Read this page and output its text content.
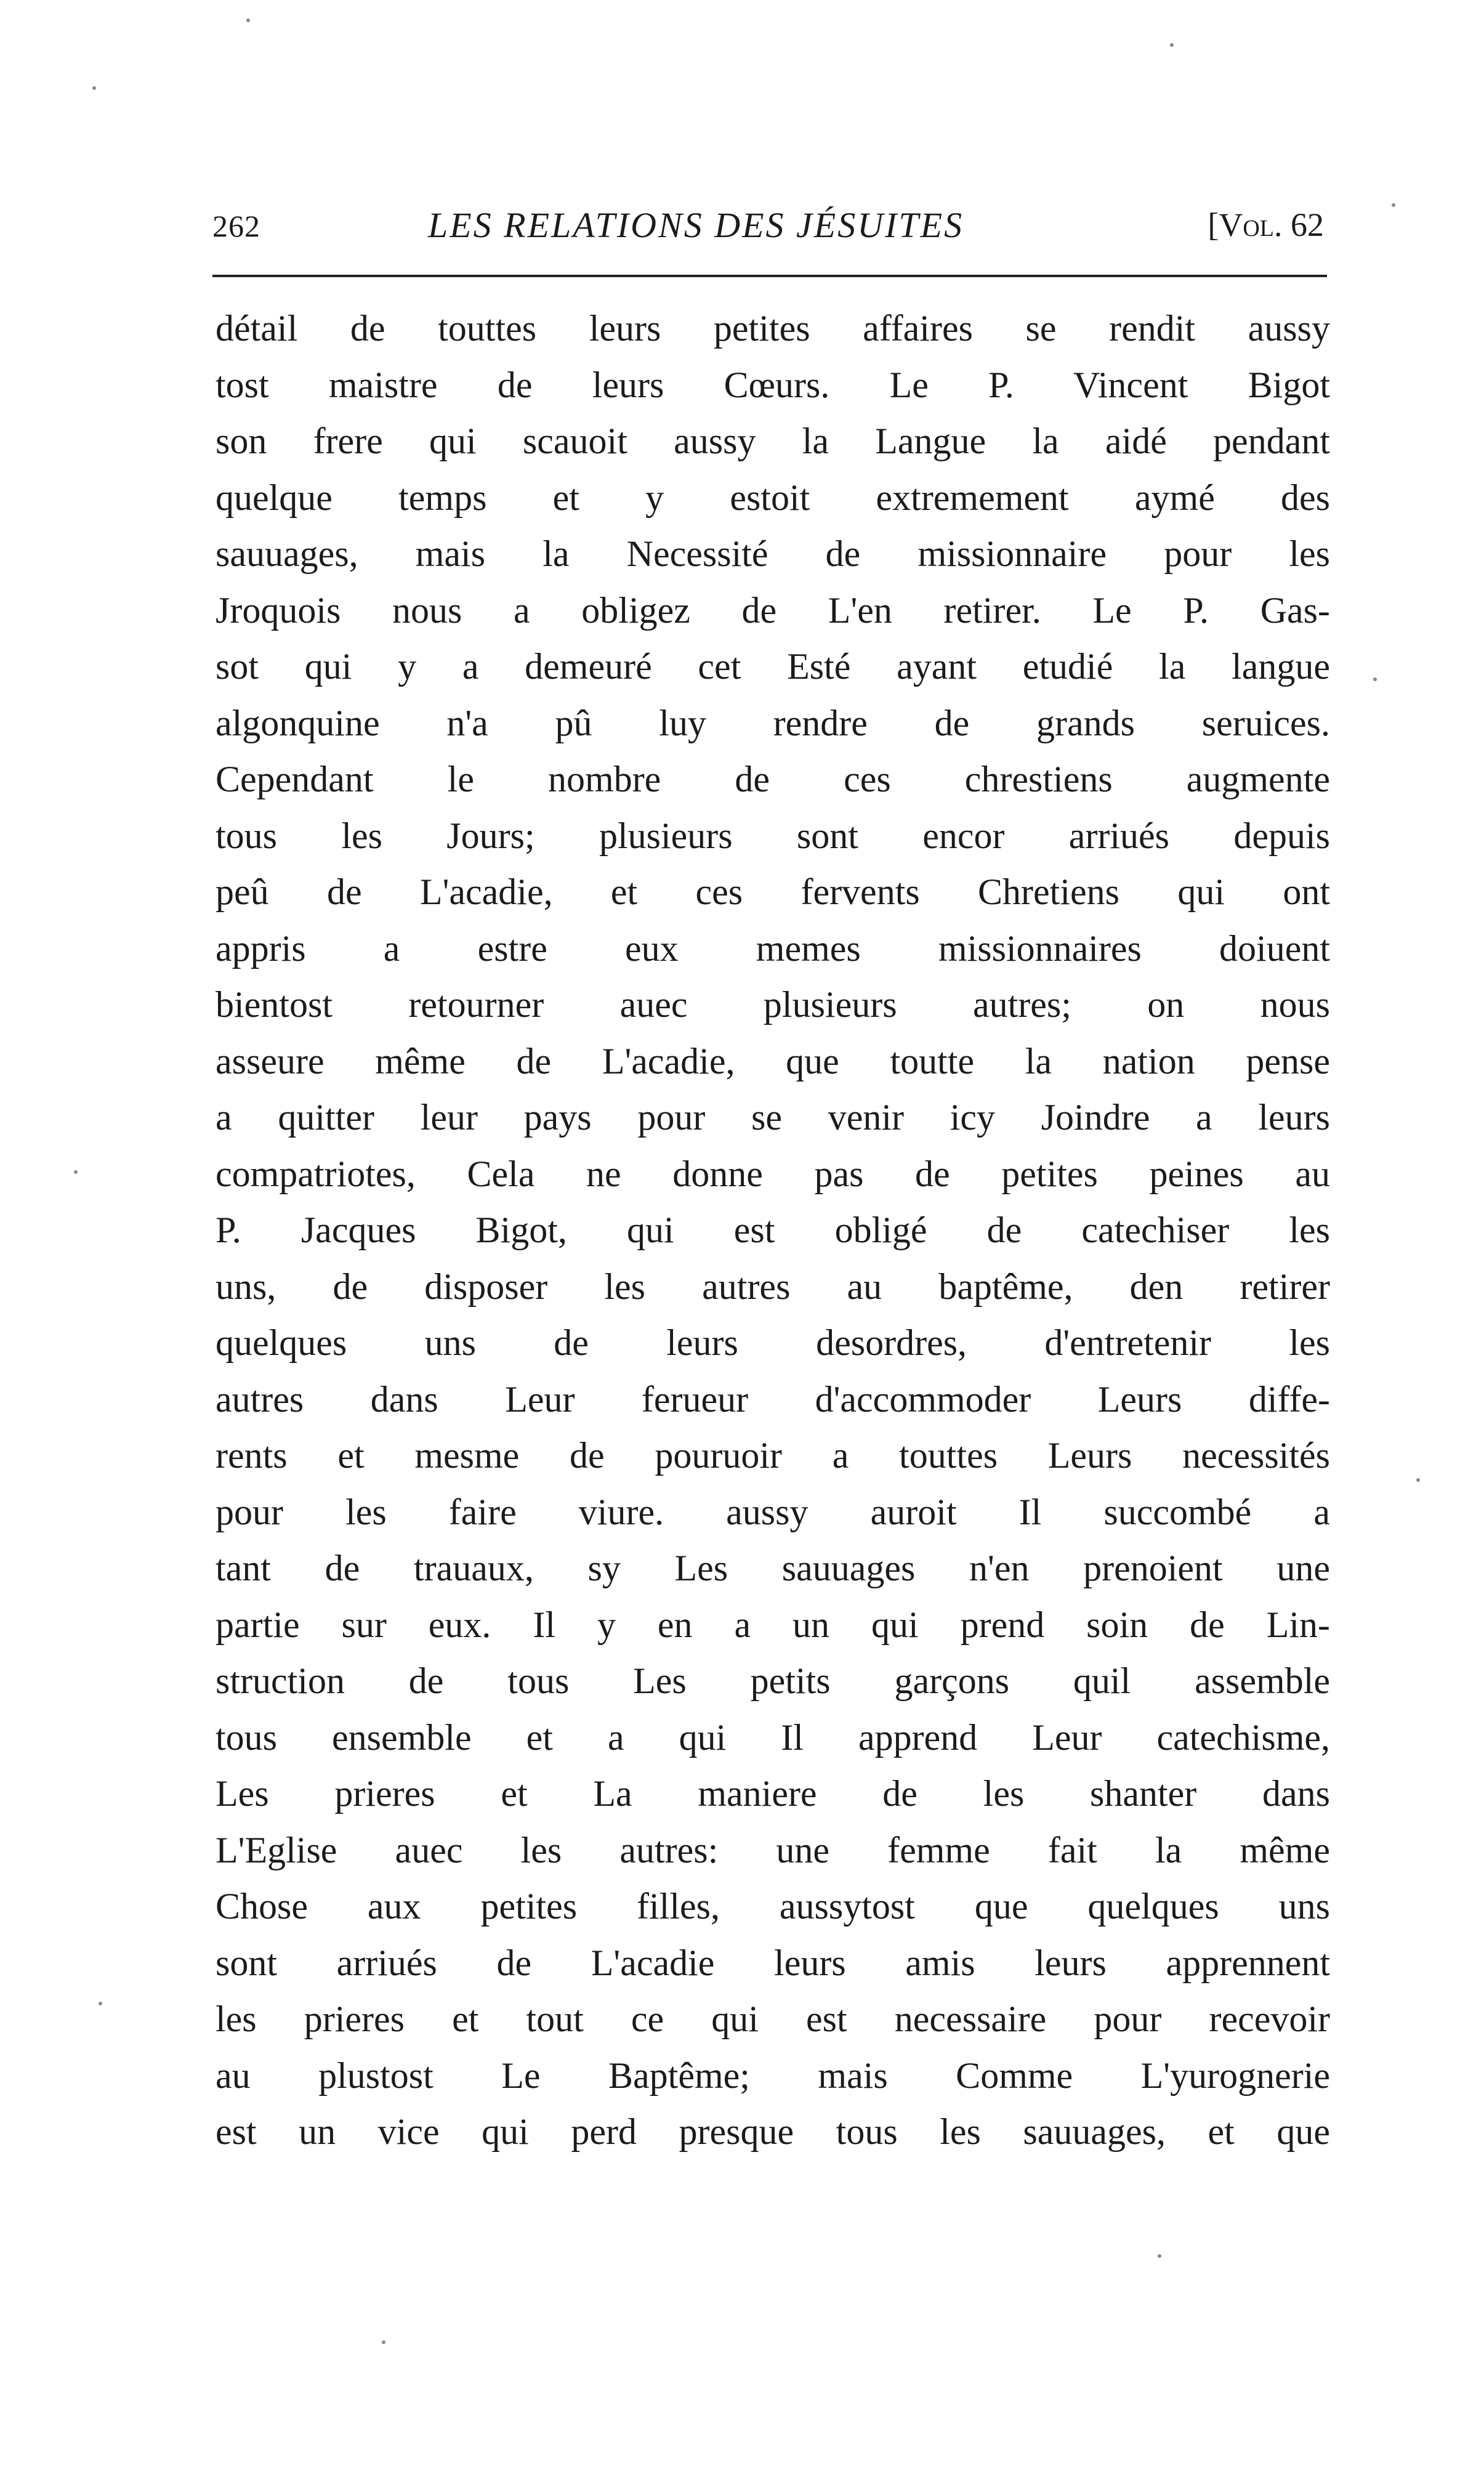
262	LES RELATIONS DES JÉSUITES	[Vol. 62
détail de touttes leurs petites affaires se rendit aussy
tost maistre de leurs Cœurs. Le P. Vincent Bigot
son frere qui scauoit aussy la Langue la aidé pendant
quelque temps et y estoit extremement aymé des
sauuages, mais la Necessité de missionnaire pour les
Jroquois nous a obligez de L'en retirer. Le P. Gas-
sot qui y a demeuré cet Esté ayant etudié la langue
algonquine n'a pû luy rendre de grands seruices.
Cependant le nombre de ces chrestiens augmente
tous les Jours; plusieurs sont encor arriués depuis
peû de L'acadie, et ces fervents Chretiens qui ont
appris a estre eux memes missionnaires doiuent
bientost retourner auec plusieurs autres; on nous
asseure même de L'acadie, que toutte la nation pense
a quitter leur pays pour se venir icy Joindre a leurs
compatriotes, Cela ne donne pas de petites peines au
P. Jacques Bigot, qui est obligé de catechiser les
uns, de disposer les autres au baptême, den retirer
quelques uns de leurs desordres, d'entretenir les
autres dans Leur ferueur d'accommoder Leurs diffe-
rents et mesme de pouruoir a touttes Leurs necessités
pour les faire viure. aussy auroit Il succombé a
tant de trauaux, sy Les sauuages n'en prenoient une
partie sur eux. Il y en a un qui prend soin de Lin-
struction de tous Les petits garçons quil assemble
tous ensemble et a qui Il apprend Leur catechisme,
Les prieres et La maniere de les shanter dans
L'Eglise auec les autres: une femme fait la même
Chose aux petites filles, aussytost que quelques uns
sont arriués de L'acadie leurs amis leurs apprennent
les prieres et tout ce qui est necessaire pour recevoir
au plustost Le Baptême; mais Comme L'yurognerie
est un vice qui perd presque tous les sauuages, et que
